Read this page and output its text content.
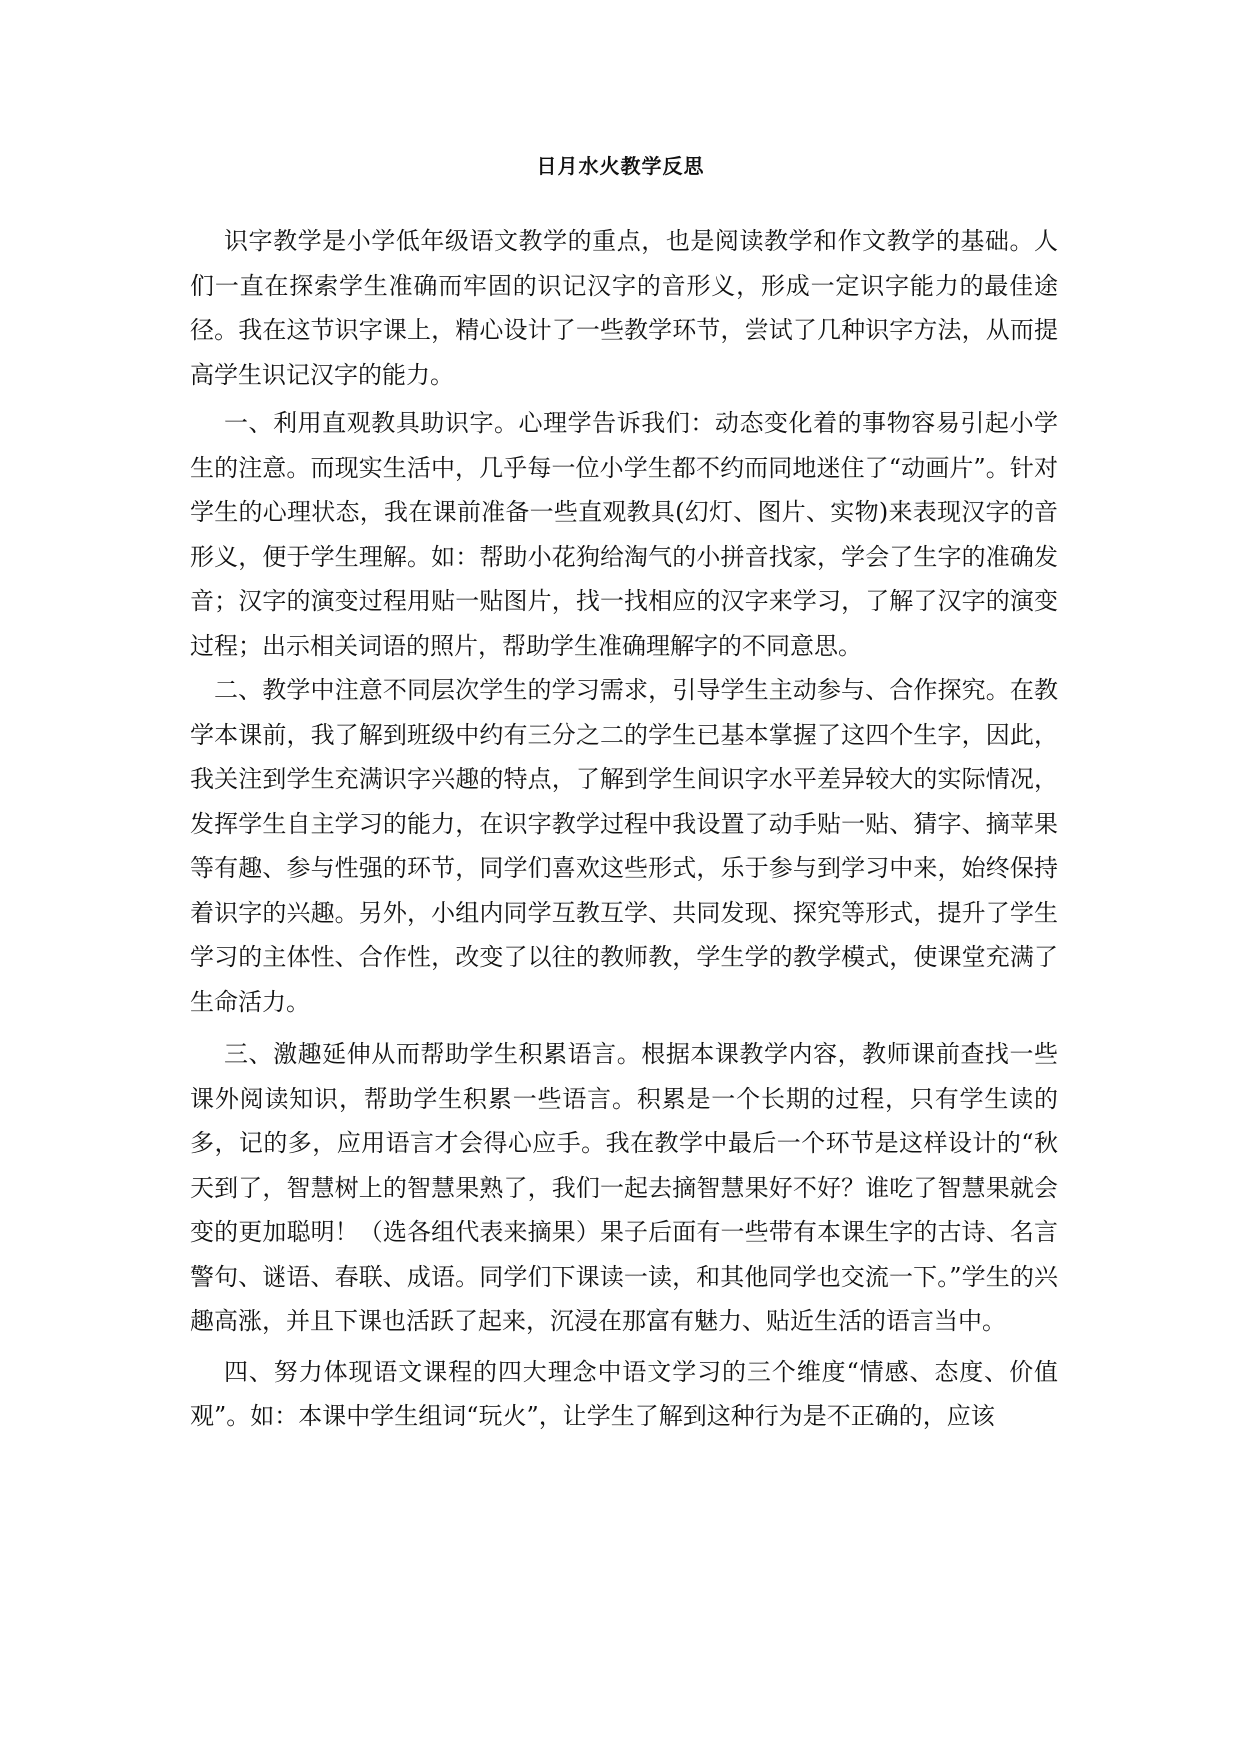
日月水火教学反思

识字教学是小学低年级语文教学的重点，也是阅读教学和作文教学的基础。人们一直在探索学生准确而牢固的识记汉字的音形义，形成一定识字能力的最佳途径。我在这节识字课上，精心设计了一些教学环节，尝试了几种识字方法，从而提高学生识记汉字的能力。

一、利用直观教具助识字。心理学告诉我们：动态变化着的事物容易引起小学生的注意。而现实生活中，几乎每一位小学生都不约而同地迷住了“动画片”。针对学生的心理状态，我在课前准备一些直观教具(幻灯、图片、实物)来表现汉字的音形义，便于学生理解。如：帮助小花狗给淘气的小拼音找家，学会了生字的准确发音；汉字的演变过程用贴一贴图片，找一找相应的汉字来学习，了解了汉字的演变过程；出示相关词语的照片，帮助学生准确理解字的不同意思。

二、教学中注意不同层次学生的学习需求，引导学生主动参与、合作探究。在教学本课前，我了解到班级中约有三分之二的学生已基本掌握了这四个生字，因此，我关注到学生充满识字兴趣的特点，了解到学生间识字水平差异较大的实际情况，发挥学生自主学习的能力，在识字教学过程中我设置了动手贴一贴、猜字、摘苹果等有趣、参与性强的环节，同学们喜欢这些形式，乐于参与到学习中来，始终保持着识字的兴趣。另外，小组内同学互教互学、共同发现、探究等形式，提升了学生学习的主体性、合作性，改变了以往的教师教，学生学的教学模式，使课堂充满了生命活力。

三、激趣延伸从而帮助学生积累语言。根据本课教学内容，教师课前查找一些课外阅读知识，帮助学生积累一些语言。积累是一个长期的过程，只有学生读的多，记的多，应用语言才会得心应手。我在教学中最后一个环节是这样设计的“秋天到了，智慧树上的智慧果熟了，我们一起去摘智慧果好不好？谁吃了智慧果就会变的更加聪明！（选各组代表来摘果）果子后面有一些带有本课生字的古诗、名言警句、谜语、春联、成语。同学们下课读一读，和其他同学也交流一下。”学生的兴趣高涨，并且下课也活跃了起来，沉浸在那富有魅力、贴近生活的语言当中。

四、努力体现语文课程的四大理念中语文学习的三个维度“情感、态度、价值观”。如：本课中学生组词“玩火”，让学生了解到这种行为是不正确的，应该
